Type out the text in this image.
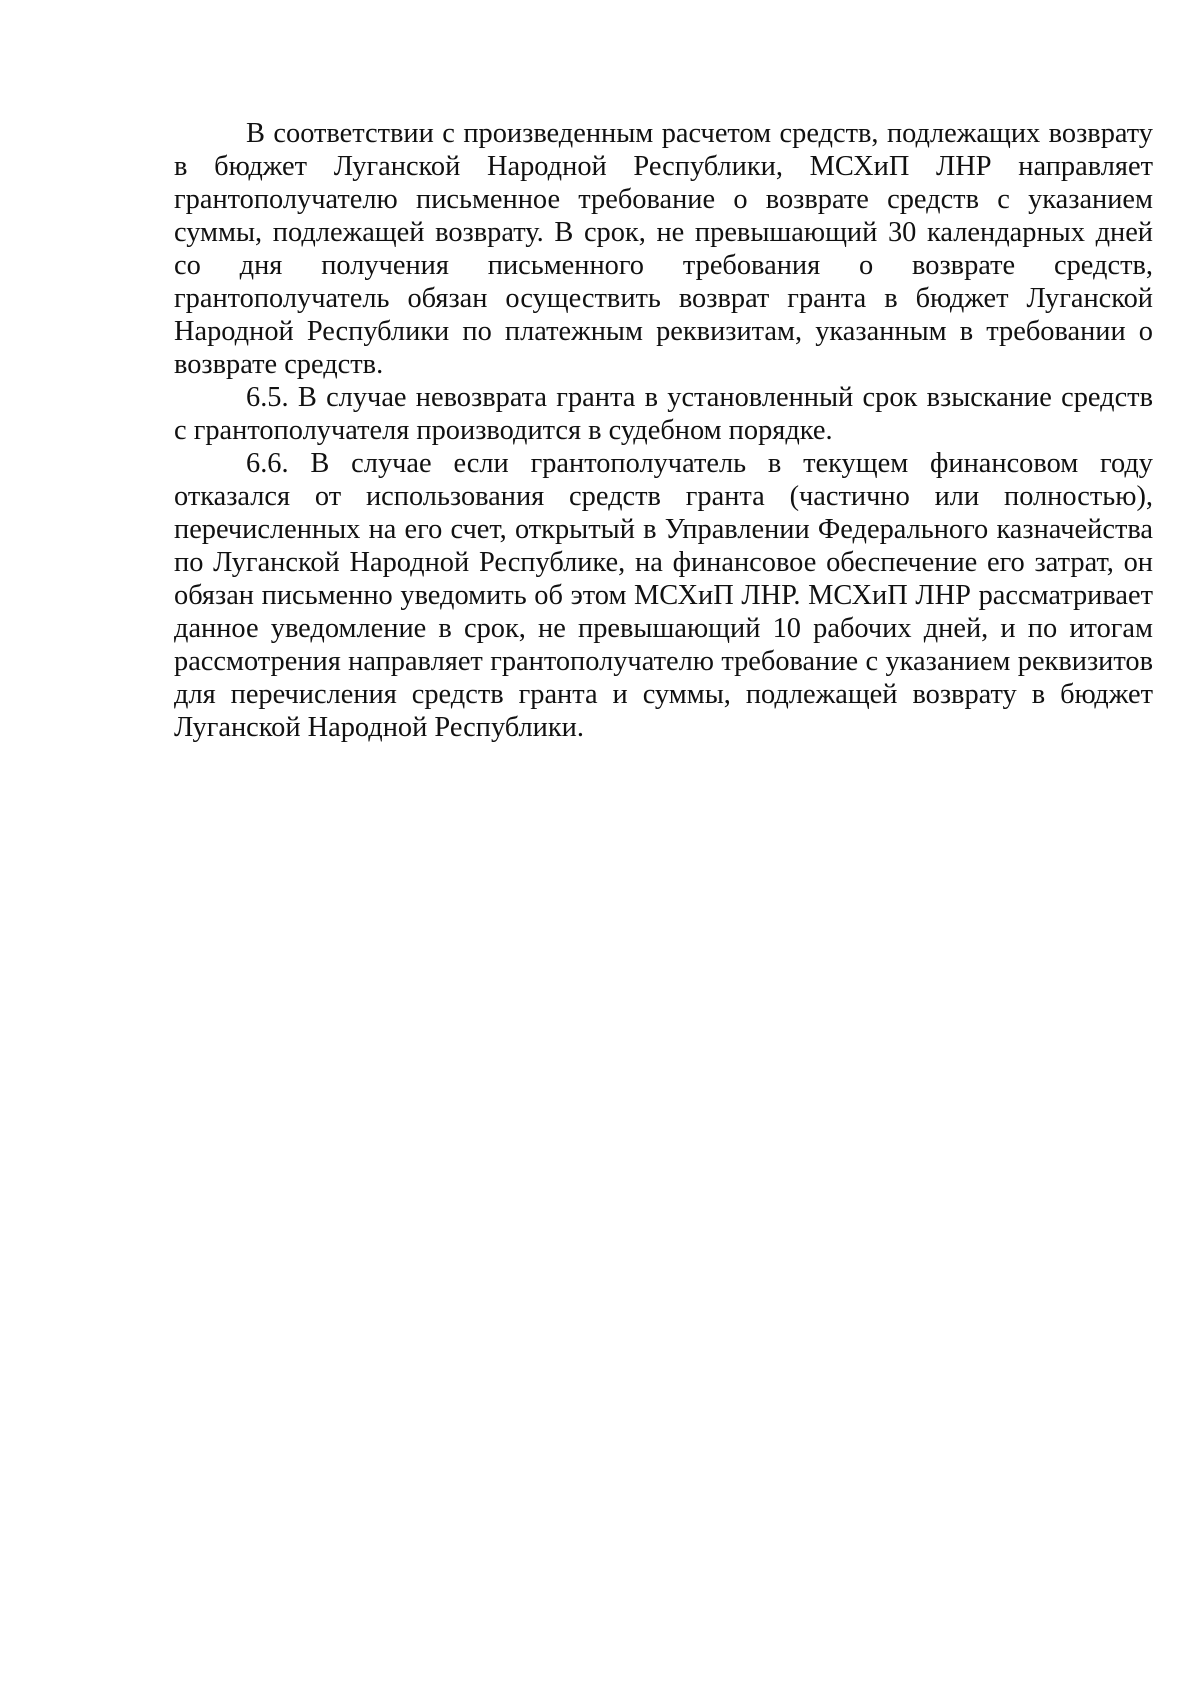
В соответствии с произведенным расчетом средств, подлежащих возврату в бюджет Луганской Народной Республики, МСХиП ЛНР направляет грантополучателю письменное требование о возврате средств с указанием суммы, подлежащей возврату. В срок, не превышающий 30 календарных дней со дня получения письменного требования о возврате средств, грантополучатель обязан осуществить возврат гранта в бюджет Луганской Народной Республики по платежным реквизитам, указанным в требовании о возврате средств.

6.5. В случае невозврата гранта в установленный срок взыскание средств с грантополучателя производится в судебном порядке.

6.6. В случае если грантополучатель в текущем финансовом году отказался от использования средств гранта (частично или полностью), перечисленных на его счет, открытый в Управлении Федерального казначейства по Луганской Народной Республике, на финансовое обеспечение его затрат, он обязан письменно уведомить об этом МСХиП ЛНР. МСХиП ЛНР рассматривает данное уведомление в срок, не превышающий 10 рабочих дней, и по итогам рассмотрения направляет грантополучателю требование с указанием реквизитов для перечисления средств гранта и суммы, подлежащей возврату в бюджет Луганской Народной Республики.
